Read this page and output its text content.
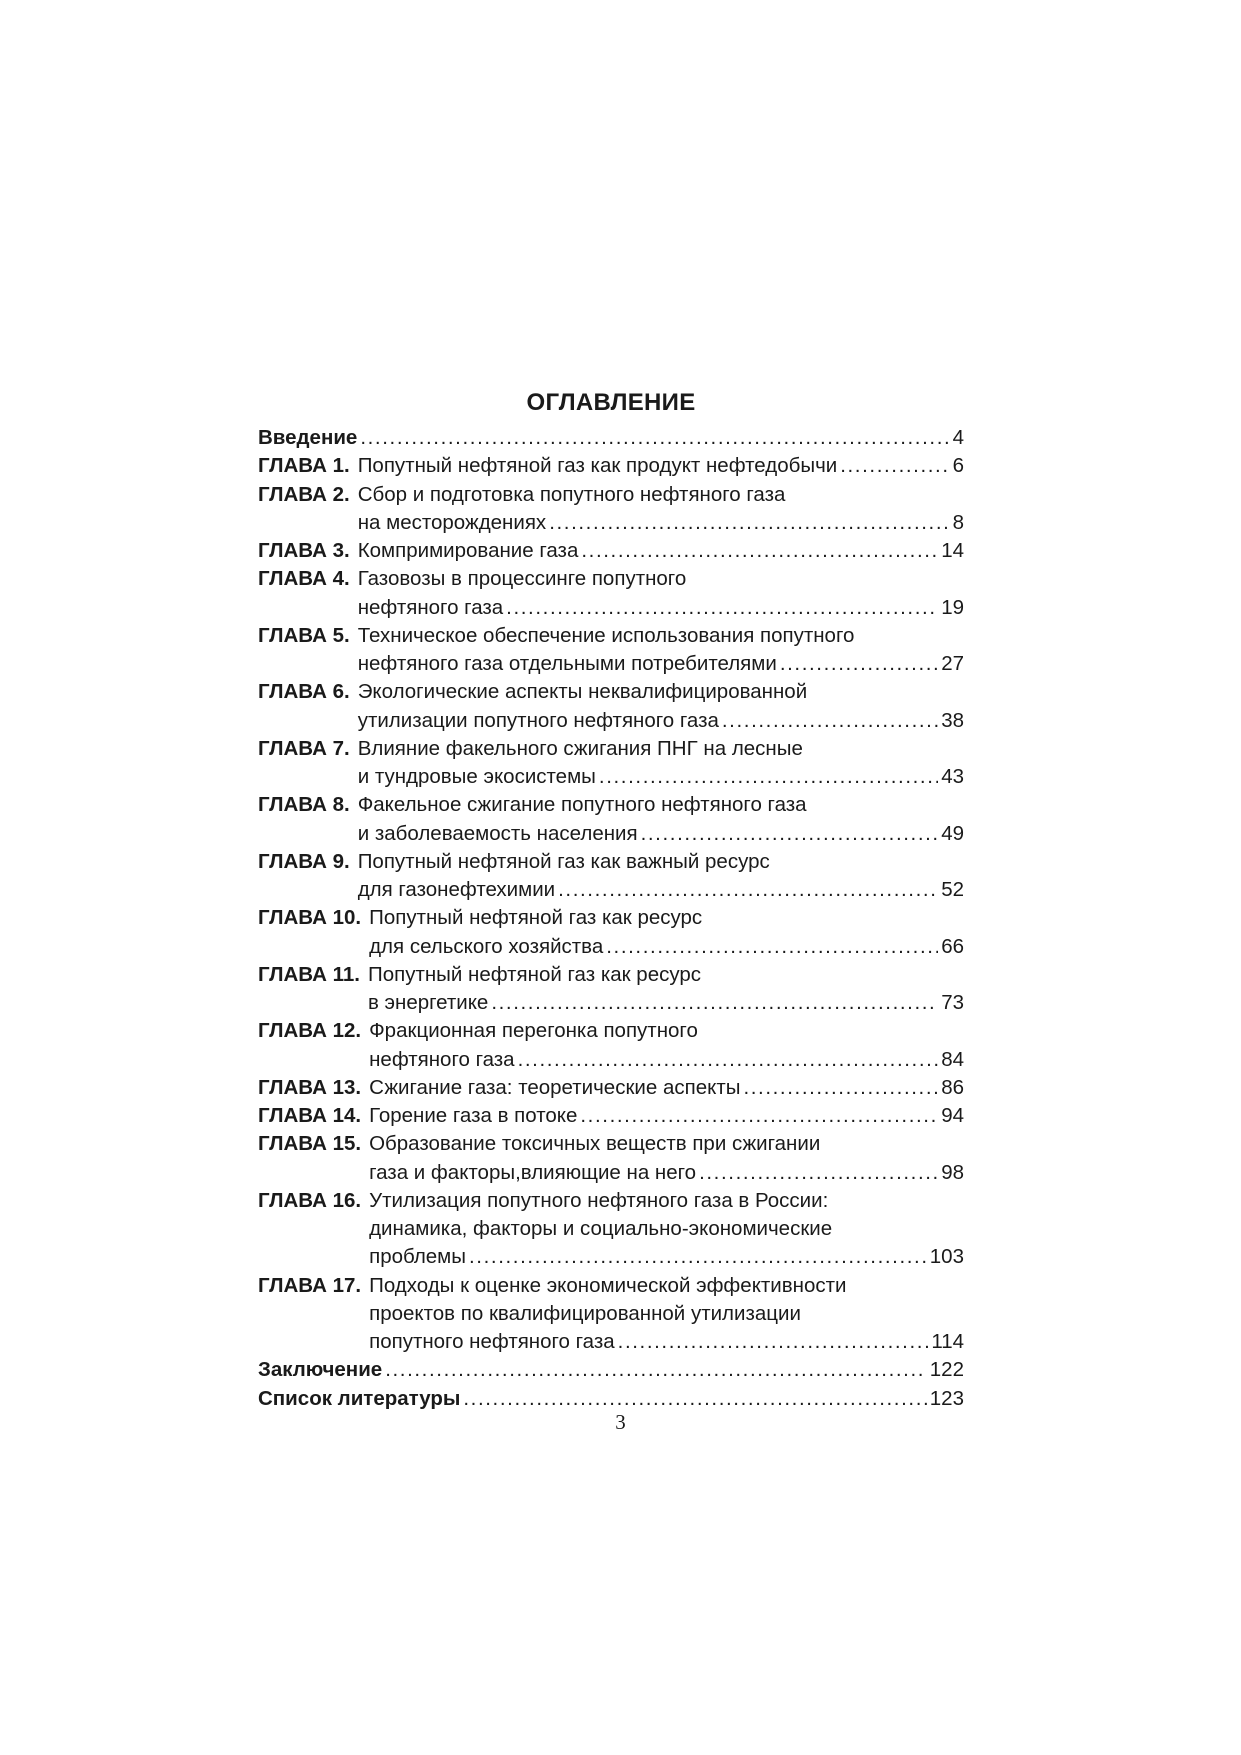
ОГЛАВЛЕНИЕ
Введение .....	4
ГЛАВА 1. Попутный нефтяной газ как продукт нефтедобычи .....	6
ГЛАВА 2. Сбор и подготовка попутного нефтяного газа
на месторождениях .....	8
ГЛАВА 3. Компримирование газа .....	14
ГЛАВА 4. Газовозы в процессинге попутного
нефтяного газа .....	19
ГЛАВА 5. Техническое обеспечение использования попутного
нефтяного газа отдельными потребителями .....	27
ГЛАВА 6. Экологические аспекты неквалифицированной
утилизации попутного нефтяного газа .....	38
ГЛАВА 7. Влияние факельного сжигания ПНГ на лесные
и тундровые экосистемы .....	43
ГЛАВА 8. Факельное сжигание попутного нефтяного газа
и заболеваемость населения .....	49
ГЛАВА 9. Попутный нефтяной газ как важный ресурс
для газонефтехимии .....	52
ГЛАВА 10. Попутный нефтяной газ как ресурс
для сельского хозяйства .....	66
ГЛАВА 11. Попутный нефтяной газ как ресурс
в энергетике .....	73
ГЛАВА 12. Фракционная перегонка попутного
нефтяного газа .....	84
ГЛАВА 13. Сжигание газа: теоретические аспекты .....	86
ГЛАВА 14. Горение газа в потоке .....	94
ГЛАВА 15. Образование токсичных веществ при сжигании
газа и факторы,влияющие на него .....	98
ГЛАВА 16. Утилизация попутного нефтяного газа в России:
динамика, факторы и социально-экономические
проблемы .....	103
ГЛАВА 17. Подходы к оценке экономической эффективности
проектов по квалифицированной утилизации
попутного нефтяного газа .....	114
Заключение .....	122
Список литературы .....	123
3
